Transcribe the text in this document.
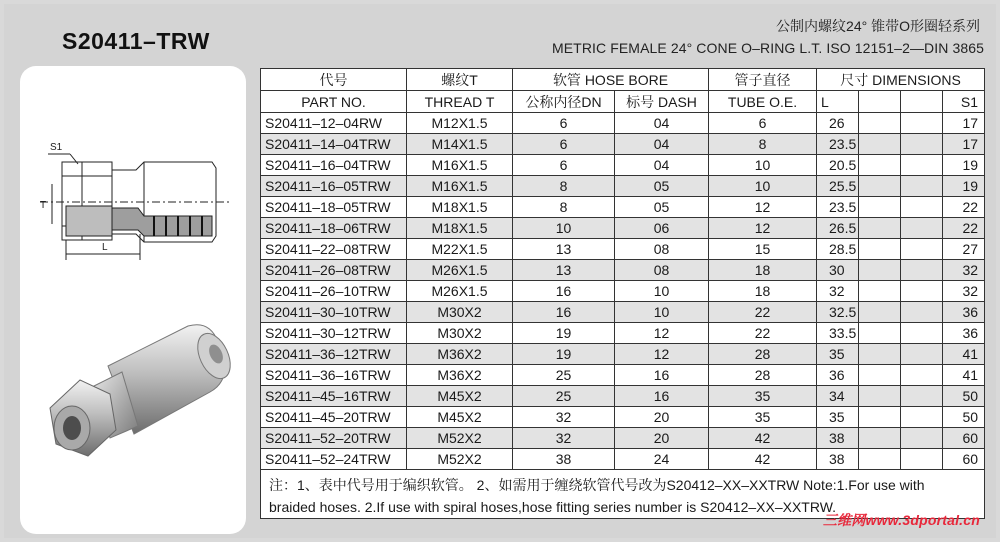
S20411–TRW
公制内螺纹24° 锥带O形圈轻系列
METRIC FEMALE 24° CONE O–RING L.T. ISO 12151–2—DIN 3865
S1
T
L
代号	螺纹T	软管 HOSE BORE		管子直径	尺寸 DIMENSIONS			
PART NO.	THREAD T	公称内径DN	标号 DASH	TUBE O.E.	L			S1
S20411–12–04RW	M12X1.5	6	04	6	26			17
S20411–14–04TRW	M14X1.5	6	04	8	23.5			17
S20411–16–04TRW	M16X1.5	6	04	10	20.5			19
S20411–16–05TRW	M16X1.5	8	05	10	25.5			19
S20411–18–05TRW	M18X1.5	8	05	12	23.5			22
S20411–18–06TRW	M18X1.5	10	06	12	26.5			22
S20411–22–08TRW	M22X1.5	13	08	15	28.5			27
S20411–26–08TRW	M26X1.5	13	08	18	30			32
S20411–26–10TRW	M26X1.5	16	10	18	32			32
S20411–30–10TRW	M30X2	16	10	22	32.5			36
S20411–30–12TRW	M30X2	19	12	22	33.5			36
S20411–36–12TRW	M36X2	19	12	28	35			41
S20411–36–16TRW	M36X2	25	16	28	36			41
S20411–45–16TRW	M45X2	25	16	35	34			50
S20411–45–20TRW	M45X2	32	20	35	35			50
S20411–52–20TRW	M52X2	32	20	42	38			60
S20411–52–24TRW	M52X2	38	24	42	38			60

注：1、表中代号用于编织软管。 2、如需用于缠绕软管代号改为S20412–XX–XXTRW Note:1.For use with
braided hoses. 2.If use with spiral hoses,hose fitting series number is S20412–XX–XXTRW.								
三维网www.3dportal.cn
